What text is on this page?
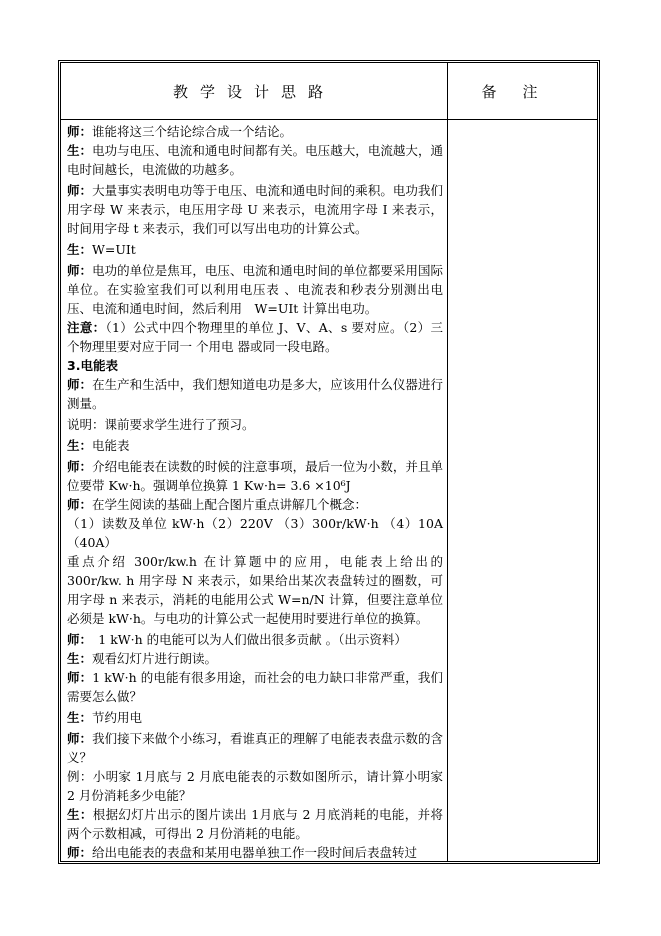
教学设计思路	备注

师：谁能将这三个结论综合成一个结论。

生：电功与电压、电流和通电时间都有关。电压越大，电流越大，通电时间越长，电流做的功越多。

师：大量事实表明电功等于电压、电流和通电时间的乘积。电功我们用字母 W 来表示，电压用字母 U 来表示，电流用字母 I 来表示，时间用字母 t 来表示，我们可以写出电功的计算公式。

生：W=UIt

师：电功的单位是焦耳，电压、电流和通电时间的单位都要采用国际单位。在实验室我们可以利用电压表 、电流表和秒表分别测出电压、电流和通电时间，然后利用　W=UIt 计算出电功。

注意：（1）公式中四个物理里的单位 J、V、A、s 要对应。（2）三个物理里要对应于同一 个用电 器或同一段电路。

3.电能表

师：在生产和生活中，我们想知道电功是多大，应该用什么仪器进行测量。

说明：课前要求学生进行了预习。

生：电能表

师：介绍电能表在读数的时候的注意事项，最后一位为小数，并且单位要带 Kw·h。强调单位换算 1 Kw·h= 3.6 ×10⁶J

师：在学生阅读的基础上配合图片重点讲解几个概念：

（1）读数及单位 kW·h（2）220V （3）300r/kW·h （4）10A（40A）

重点介绍 300r/kw.h 在计算题中的应用，电能表上给出的 300r/kw. h 用字母 N 来表示，如果给出某次表盘转过的圈数，可用字母 n 来表示，消耗的电能用公式 W=n/N 计算，但要注意单位必须是 kW·h。与电功的计算公式一起使用时要进行单位的换算。

师：　1 kW·h 的电能可以为人们做出很多贡献 。（出示资料）

生：观看幻灯片进行朗读。

师：1 kW·h 的电能有很多用途，而社会的电力缺口非常严重，我们需要怎么做？

生：节约用电

师：我们接下来做个小练习，看谁真正的理解了电能表表盘示数的含义？

例：小明家 1月底与 2 月底电能表的示数如图所示，请计算小明家 2 月份消耗多少电能？

生：根据幻灯片出示的图片读出 1月底与 2 月底消耗的电能，并将两个示数相减，可得出 2 月份消耗的电能。

师：给出电能表的表盘和某用电器单独工作一段时间后表盘转过
